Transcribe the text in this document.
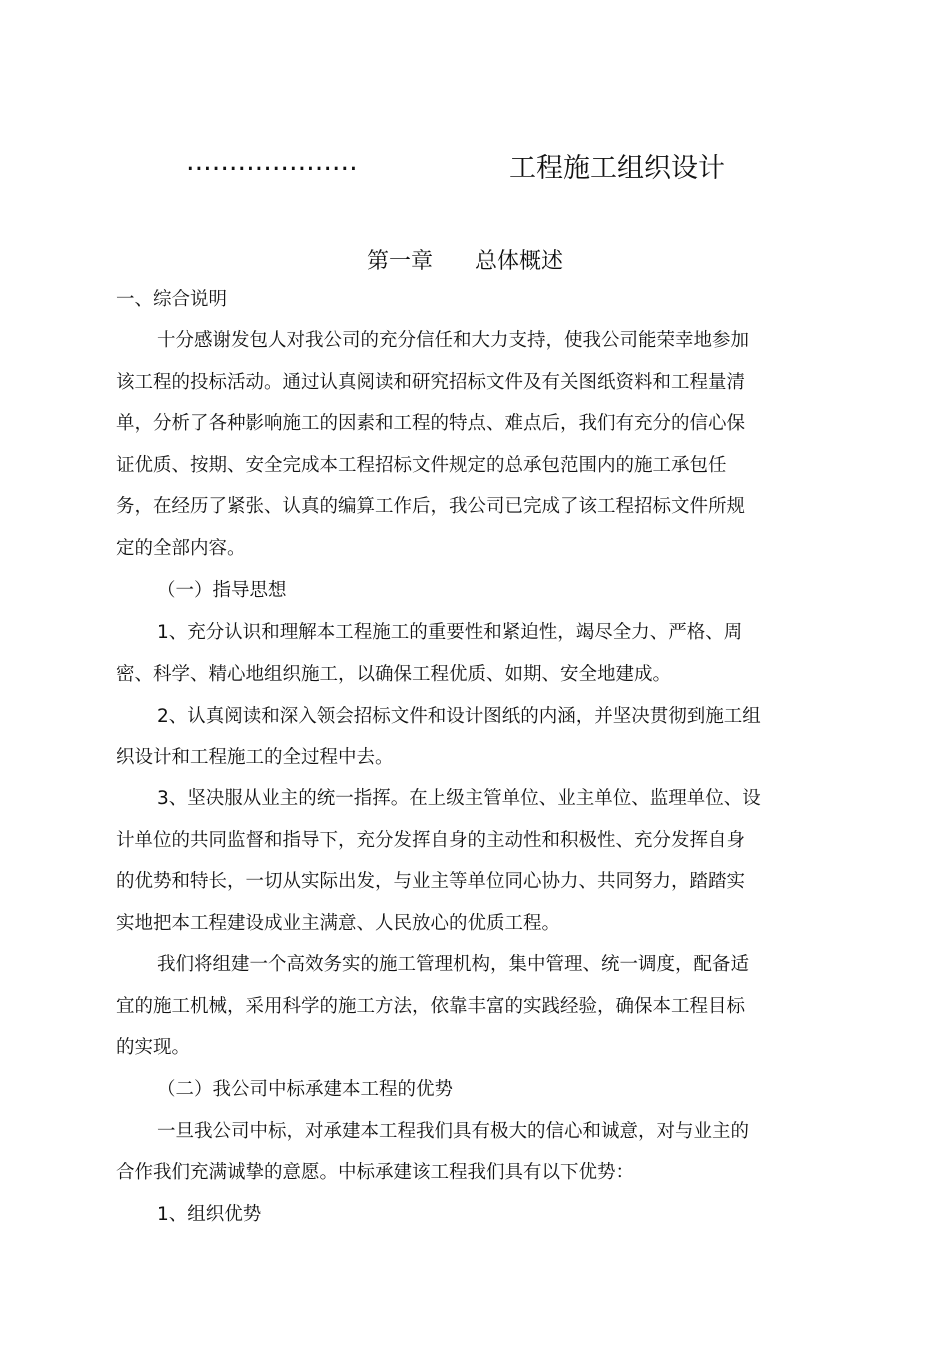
....................	工程施工组织设计
第一章      总体概述
一、综合说明
十分感谢发包人对我公司的充分信任和大力支持，使我公司能荣幸地参加
该工程的投标活动。通过认真阅读和研究招标文件及有关图纸资料和工程量清
单，分析了各种影响施工的因素和工程的特点、难点后，我们有充分的信心保
证优质、按期、安全完成本工程招标文件规定的总承包范围内的施工承包任
务，在经历了紧张、认真的编算工作后，我公司已完成了该工程招标文件所规
定的全部内容。
（一）指导思想
1、充分认识和理解本工程施工的重要性和紧迫性，竭尽全力、严格、周
密、科学、精心地组织施工，以确保工程优质、如期、安全地建成。
2、认真阅读和深入领会招标文件和设计图纸的内涵，并坚决贯彻到施工组
织设计和工程施工的全过程中去。
3、坚决服从业主的统一指挥。在上级主管单位、业主单位、监理单位、设
计单位的共同监督和指导下，充分发挥自身的主动性和积极性、充分发挥自身
的优势和特长，一切从实际出发，与业主等单位同心协力、共同努力，踏踏实
实地把本工程建设成业主满意、人民放心的优质工程。
我们将组建一个高效务实的施工管理机构，集中管理、统一调度，配备适
宜的施工机械，采用科学的施工方法，依靠丰富的实践经验，确保本工程目标
的实现。
（二）我公司中标承建本工程的优势
一旦我公司中标，对承建本工程我们具有极大的信心和诚意，对与业主的
合作我们充满诚挚的意愿。中标承建该工程我们具有以下优势：
1、组织优势
